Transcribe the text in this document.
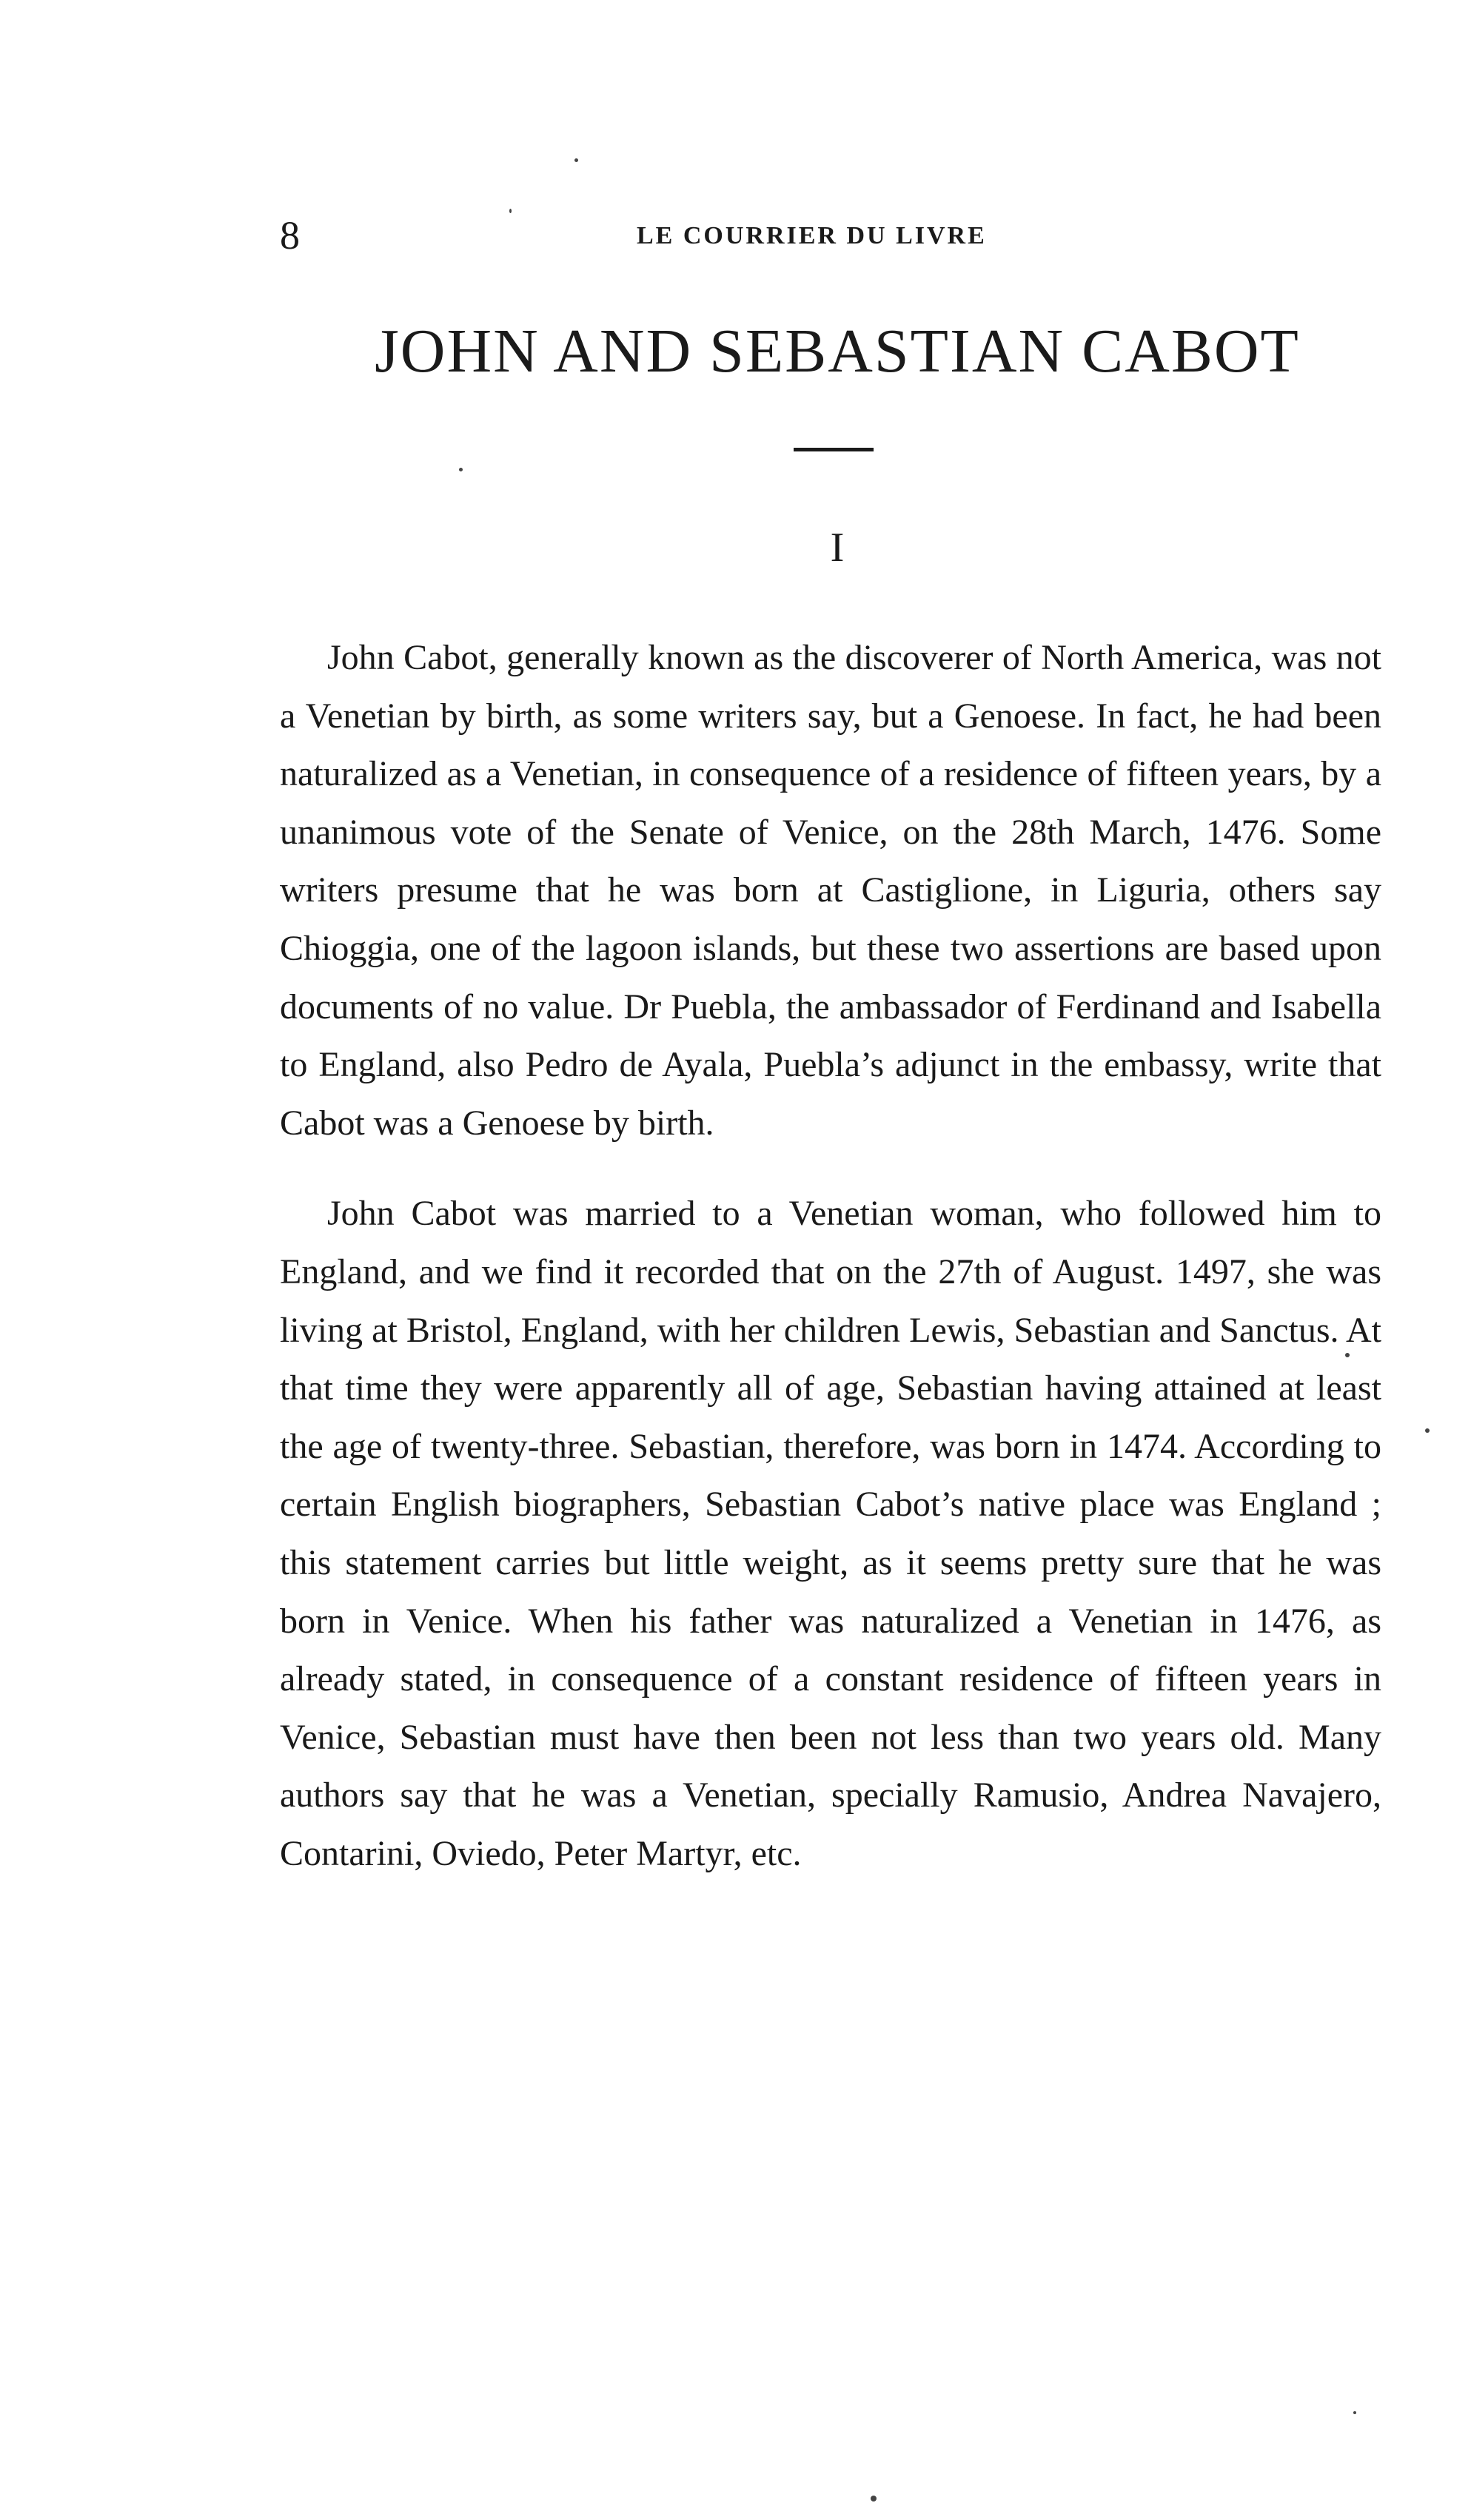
8	LE COURRIER DU LIVRE
JOHN AND SEBASTIAN CABOT
I

John Cabot, generally known as the discoverer of North America, was not a Venetian by birth, as some writers say, but a Genoese. In fact, he had been naturalized as a Venetian, in consequence of a residence of fifteen years, by a unanimous vote of the Senate of Venice, on the 28th March, 1476. Some writers presume that he was born at Castiglione, in Liguria, others say Chioggia, one of the lagoon islands, but these two assertions are based upon documents of no value. Dr Puebla, the ambassador of Ferdinand and Isabella to England, also Pedro de Ayala, Puebla’s adjunct in the embassy, write that Cabot was a Genoese by birth.

John Cabot was married to a Venetian woman, who followed him to England, and we find it recorded that on the 27th of August. 1497, she was living at Bristol, England, with her children Lewis, Sebastian and Sanctus. At that time they were apparently all of age, Sebastian having attained at least the age of twenty-three. Sebastian, therefore, was born in 1474. According to certain English biographers, Sebastian Cabot’s native place was England ; this statement carries but little weight, as it seems pretty sure that he was born in Venice. When his father was naturalized a Venetian in 1476, as already stated, in consequence of a constant residence of fifteen years in Venice, Sebastian must have then been not less than two years old. Many authors say that he was a Venetian, specially Ramusio, Andrea Navajero, Contarini, Oviedo, Peter Martyr, etc.
